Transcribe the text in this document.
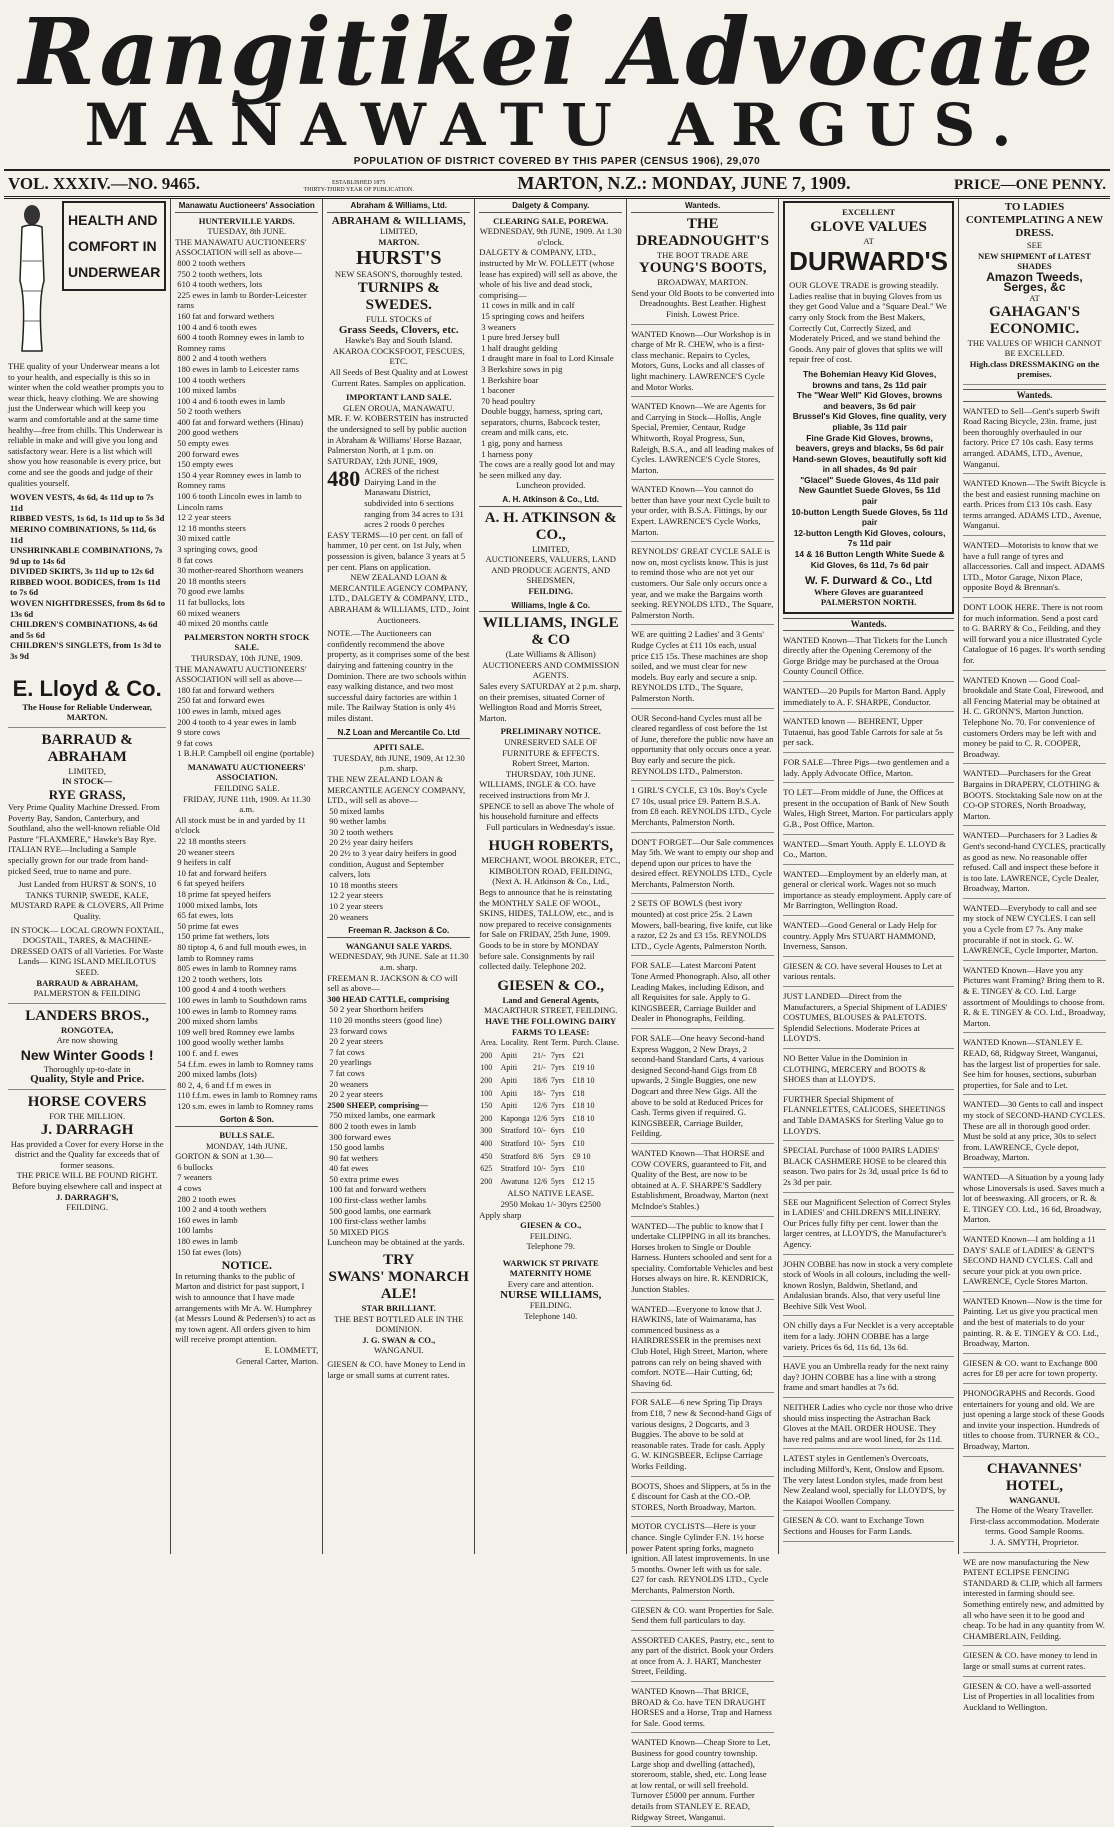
Rangitikei Advocate
MANAWATU ARGUS.
POPULATION OF DISTRICT COVERED BY THIS PAPER (CENSUS 1906), 29,070
VOL. XXXIV.—NO. 9465.	ESTABLISHED 1875
THIRTY-THIRD YEAR OF PUBLICATION.	MARTON, N.Z.: MONDAY, JUNE 7, 1909.	PRICE—ONE PENNY.
HEALTH AND COMFORT IN UNDERWEAR
THE quality of your Underwear means a lot to your health, and especially is this so in winter when the cold weather prompts you to wear thick, heavy clothing. We are showing just the Underwear which will keep you warm and comfortable and at the same time healthy—free from chills. This Underwear is reliable in make and will give you long and satisfactory wear. Here is a list which will show you how reasonable is every price, but come and see the goods and judge of their qualities yourself.
WOVEN VESTS, 4s 6d, 4s 11d up to 7s 11d
RIBBED VESTS, 1s 6d, 1s 11d up to 5s 3d
MERINO COMBINATIONS, 5s 11d, 6s 11d
UNSHRINKABLE COMBINATIONS, 7s 9d up to 14s 6d
DIVIDED SKIRTS, 3s 11d up to 12s 6d
RIBBED WOOL BODICES, from 1s 11d to 7s 6d
WOVEN NIGHTDRESSES, from 8s 6d to 13s 6d
CHILDREN'S COMBINATIONS, 4s 6d and 5s 6d
CHILDREN'S SINGLETS, from 1s 3d to 3s 9d
E. Lloyd & Co.
The House for Reliable Underwear,
MARTON.
BARRAUD & ABRAHAM
LIMITED,
IN STOCK—
RYE GRASS,
Very Prime Quality Machine Dressed. From Poverty Bay, Sandon, Canterbury, and Southland, also the well-known reliable Old Pasture "FLAXMERE," Hawke's Bay Rye. ITALIAN RYE—Including a Sample specially grown for our trade from hand-picked Seed, true to name and pure.
Just Landed from HURST & SON'S, 10 TANKS TURNIP, SWEDE, KALE, MUSTARD RAPE & CLOVERS, All Prime Quality.
IN STOCK— LOCAL GROWN FOXTAIL, DOGSTAIL, TARES, & MACHINE-DRESSED OATS of all Varieties. For Waste Lands— KING ISLAND MELILOTUS SEED.
BARRAUD & ABRAHAM,
PALMERSTON & FEILDING
LANDERS BROS.,
RONGOTEA,
Are now showing
New Winter Goods !
Thoroughly up-to-date in
Quality, Style and Price.
HORSE COVERS
FOR THE MILLION.
J. DARRAGH
Has provided a Cover for every Horse in the district and the Quality far exceeds that of former seasons.
THE PRICE WILL BE FOUND RIGHT.
Before buying elsewhere call and inspect at
J. DARRAGH'S,
FEILDING.
Manawatu Auctioneers' Association
HUNTERVILLE YARDS.
TUESDAY, 8th JUNE.
THE MANAWATU AUCTIONEERS' ASSOCIATION will sell as above—
800 2 tooth wethers
750 2 tooth wethers, lots
610 4 tooth wethers, lots
225 ewes in lamb to Border-Leicester rams
160 fat and forward wethers
100 4 and 6 tooth ewes
600 4 tooth Romney ewes in lamb to Romney rams
800 2 and 4 tooth wethers
180 ewes in lamb to Leicester rams
100 4 tooth wethers
100 mixed lambs
100 4 and 6 tooth ewes in lamb
50 2 tooth wethers
400 fat and forward wethers (Hinau)
200 good wethers
50 empty ewes
200 forward ewes
150 empty ewes
150 4 year Romney ewes in lamb to Romney rams
100 6 tooth Lincoln ewes in lamb to Lincoln rams
12 2 year steers
12 18 months steers
30 mixed cattle
3 springing cows, good
8 fat cows
30 mother-reared Shorthorn weaners
20 18 months steers
70 good ewe lambs
11 fat bullocks, lots
60 mixed weaners
40 mixed 20 months cattle
PALMERSTON NORTH STOCK SALE.
THURSDAY, 10th JUNE, 1909.
THE MANAWATU AUCTIONEERS' ASSOCIATION will sell as above—
180 fat and forward wethers
250 fat and forward ewes
100 ewes in lamb, mixed ages
200 4 tooth to 4 year ewes in lamb
9 store cows
9 fat cows
1 B.H.P. Campbell oil engine (portable)
MANAWATU AUCTIONEERS' ASSOCIATION.
FEILDING SALE.
FRIDAY, JUNE 11th, 1909. At 11.30 a.m.
All stock must be in and yarded by 11 o'clock
22 18 months steers
20 weaner steers
9 heifers in calf
10 fat and forward heifers
6 fat speyed heifers
18 prime fat speyed heifers
1000 mixed lambs, lots
65 fat ewes, lots
50 prime fat ewes
150 prime fat wethers, lots
80 tiptop 4, 6 and full mouth ewes, in lamb to Romney rams
805 ewes in lamb to Romney rams
120 2 tooth wethers, lots
100 good 4 and 4 tooth wethers
100 ewes in lamb to Southdown rams
100 ewes in lamb to Romney rams
200 mixed shorn lambs
109 well bred Romney ewe lambs
100 good woolly wether lambs
100 f. and f. ewes
54 f.f.m. ewes in lamb to Romney rams
200 mixed lambs (lots)
80 2, 4, 6 and f.f m ewes in
110 f.f.m. ewes in lamb to Romney rams
120 s.m. ewes in lamb to Romney rams
Gorton & Son.
BULLS SALE.
MONDAY, 14th JUNE.
GORTON & SON at 1.30—
6 bullocks
7 weaners
4 cows
280 2 tooth ewes
100 2 and 4 tooth wethers
160 ewes in lamb
100 lambs
180 ewes in lamb
150 fat ewes (lots)
NOTICE.
In returning thanks to the public of Marton and district for past support, I wish to announce that I have made arrangements with Mr A. W. Humphrey (at Messrs Lound & Pedersen's) to act as my town agent. All orders given to him will receive prompt attention.
E. LOMMETT,
General Carter, Marton.
Abraham & Williams, Ltd.
ABRAHAM & WILLIAMS,
LIMITED,
MARTON.
HURST'S
NEW SEASON'S, thoroughly tested.
TURNIPS & SWEDES.
FULL STOCKS of
Grass Seeds, Clovers, etc.
Hawke's Bay and South Island. AKAROA COCKSFOOT, FESCUES, ETC.
All Seeds of Best Quality and at Lowest Current Rates. Samples on application.
IMPORTANT LAND SALE.
GLEN OROUA, MANAWATU.
MR. F. W. KOBERSTEIN has instructed the undersigned to sell by public auction in Abraham & Williams' Horse Bazaar, Palmerston North, at 1 p.m. on SATURDAY, 12th JUNE, 1909,
480 ACRES of the richest Dairying Land in the Manawatu District, subdivided into 6 sections ranging from 34 acres to 131 acres 2 roods 0 perches
EASY TERMS—10 per cent. on fall of hammer, 10 per cent. on 1st July, when possession is given, balance 3 years at 5 per cent. Plans on application.
NEW ZEALAND LOAN & MERCANTILE AGENCY COMPANY, LTD., DALGETY & COMPANY, LTD., ABRAHAM & WILLIAMS, LTD., Joint Auctioneers.
NOTE.—The Auctioneers can confidently recommend the above property, as it comprises some of the best dairying and fattening country in the Dominion. There are two schools within easy walking distance, and two most successful dairy factories are within 1 mile. The Railway Station is only 4½ miles distant.
N.Z Loan and Mercantile Co. Ltd
APITI SALE.
TUESDAY, 8th JUNE, 1909, At 12.30 p.m. sharp.
THE NEW ZEALAND LOAN & MERCANTILE AGENCY COMPANY, LTD., will sell as above—
50 mixed lambs
90 wether lambs
30 2 tooth wethers
20 2½ year dairy heifers
20 2½ to 3 year dairy heifers in good condition, August and September calvers, lots
10 18 months steers
12 2 year steers
10 2 year steers
20 weaners
Freeman R. Jackson & Co.
WANGANUI SALE YARDS.
WEDNESDAY, 9th JUNE. Sale at 11.30 a.m. sharp.
FREEMAN R. JACKSON & CO will sell as above—
300 HEAD CATTLE, comprising
50 2 year Shorthorn heifers
110 20 months steers (good line)
23 forward cows
20 2 year steers
7 fat cows
20 yearlings
7 fat cows
20 weaners
20 2 year steers
2500 SHEEP, comprising—
750 mixed lambs, one earmark
800 2 tooth ewes in lamb
300 forward ewes
150 good lambs
90 fat wethers
40 fat ewes
50 extra prime ewes
100 fat and forward wethers
100 first-class wether lambs
500 good lambs, one earmark
100 first-class wether lambs
50 MIXED PIGS
Luncheon may be obtained at the yards.
TRY
SWANS' MONARCH ALE!
STAR BRILLIANT.
THE BEST BOTTLED ALE IN THE DOMINION.
J. G. SWAN & CO.,
WANGANUI.
GIESEN & CO. have Money to Lend in large or small sums at current rates.
Dalgety & Company.
CLEARING SALE, POREWA.
WEDNESDAY, 9th JUNE, 1909. At 1.30 o'clock.
DALGETY & COMPANY, LTD., instructed by Mr W. FOLLETT (whose lease has expired) will sell as above, the whole of his live and dead stock, comprising—
11 cows in milk and in calf
15 springing cows and heifers
3 weaners
1 pure bred Jersey bull
1 half draught gelding
1 draught mare in foal to Lord Kinsale
3 Berkshire sows in pig
1 Berkshire boar
1 baconer
70 head poultry
Double buggy, harness, spring cart, separators, churns, Babcock tester, cream and milk cans, etc.
1 gig, pony and harness
1 harness pony
The cows are a really good lot and may be seen milked any day.
Luncheon provided.
A. H. Atkinson & Co., Ltd.
A. H. ATKINSON & CO.,
LIMITED,
AUCTIONEERS, VALUERS, LAND AND PRODUCE AGENTS, AND SHEDSMEN,
FEILDING.
Williams, Ingle & Co.
WILLIAMS, INGLE & CO
(Late Williams & Allison)
AUCTIONEERS AND COMMISSION AGENTS.
Sales every SATURDAY at 2 p.m. sharp, on their premises, situated Corner of Wellington Road and Morris Street, Marton.
PRELIMINARY NOTICE.
UNRESERVED SALE OF FURNITURE & EFFECTS.
Robert Street, Marton.
THURSDAY, 10th JUNE.
WILLIAMS, INGLE & CO. have received instructions from Mr J. SPENCE to sell as above The whole of his household furniture and effects
Full particulars in Wednesday's issue.
HUGH ROBERTS,
MERCHANT, WOOL BROKER, ETC.,
KIMBOLTON ROAD, FEILDING,
(Next A. H. Atkinson & Co., Ltd.,
Begs to announce that he is reinstating the MONTHLY SALE OF WOOL, SKINS, HIDES, TALLOW, etc., and is now prepared to receive consignments for Sale on FRIDAY, 25th June, 1909. Goods to be in store by MONDAY before sale. Consignments by rail collected daily. Telephone 202.
GIESEN & CO.,
Land and General Agents,
MACARTHUR STREET, FEILDING.
HAVE THE FOLLOWING DAIRY FARMS TO LEASE:
Area.	Locality.	Rent	Term.	Purch. Clause.
200	Apiti	21/-	7yrs	£21
100	Apiti	21/-	7yrs	£19 10
200	Apiti	18/6	7yrs	£18 10
100	Apiti	18/-	7yrs	£18
150	Apiti	12/6	7yrs	£18 10
200	Kaponga	12/6	5yrs	£18 10
300	Stratford	10/-	6yrs	£10
400	Stratford	10/-	5yrs	£10
450	Stratford	8/6	5yrs	£9 10
625	Stratford	10/-	5yrs	£10
200	Awatuna	12/6	5yrs	£12 15
ALSO NATIVE LEASE.
2950 Mokau 1/- 30yrs £2500
Apply sharp
GIESEN & CO.,
FEILDING.
Telephone 79.
WARWICK ST PRIVATE MATERNITY HOME
Every care and attention.
NURSE WILLIAMS,
FEILDING.
Telephone 140.
Wanteds.
THE DREADNOUGHT'S
THE BOOT TRADE ARE
YOUNG'S BOOTS,
BROADWAY, MARTON.
Send your Old Boots to be converted into Dreadnoughts. Best Leather. Highest Finish. Lowest Price.
WANTED Known—Our Workshop is in charge of Mr R. CHEW, who is a first-class mechanic. Repairs to Cycles, Motors, Guns, Locks and all classes of light machinery. LAWRENCE'S Cycle and Motor Works.
WANTED Known—We are Agents for and Carrying in Stock—Hollis, Angle Special, Premier, Centaur, Rudge Whitworth, Royal Progress, Sun, Raleigh, B.S.A., and all leading makes of Cycles. LAWRENCE'S Cycle Stores, Marton.
WANTED Known—You cannot do better than have your next Cycle built to your order, with B.S.A. Fittings, by our Expert. LAWRENCE'S Cycle Works, Marton.
REYNOLDS' GREAT CYCLE SALE is now on, most cyclists know. This is just to remind those who are not yet our customers. Our Sale only occurs once a year, and we make the Bargains worth seeking. REYNOLDS LTD., The Square, Palmerston North.
WE are quitting 2 Ladies' and 3 Gents' Rudge Cycles at £11 10s each, usual price £15 15s. These machines are shop soiled, and we must clear for new models. Buy early and secure a snip. REYNOLDS LTD., The Square, Palmerston North.
OUR Second-hand Cycles must all be cleared regardless of cost before the 1st of June, therefore the public now have an opportunity that only occurs once a year. Buy early and secure the pick. REYNOLDS LTD., Palmerston.
1 GIRL'S CYCLE, £3 10s. Boy's Cycle £7 10s, usual price £9. Pattern B.S.A. from £8 each. REYNOLDS LTD., Cycle Merchants, Palmerston North.
DON'T FORGET—Our Sale commences May 5th. We want to empty our shop and depend upon our prices to have the desired effect. REYNOLDS LTD., Cycle Merchants, Palmerston North.
2 SETS OF BOWLS (best ivory mounted) at cost price 25s. 2 Lawn Mowers, ball-bearing, five knife, cut like a razor, £2 2s and £3 15s. REYNOLDS LTD., Cycle Agents, Palmerston North.
FOR SALE—Latest Marconi Patent Tone Armed Phonograph. Also, all other Leading Makes, including Edison, and all Requisites for sale. Apply to G. KINGSBEER, Carriage Builder and Dealer in Phonographs, Feilding.
FOR SALE—One heavy Second-hand Express Waggon, 2 New Drays, 2 second-hand Standard Carts, 4 various designed Second-hand Gigs from £8 upwards, 2 Single Buggies, one new Dogcart and three New Gigs. All the above to be sold at Reduced Prices for Cash. Terms given if required. G. KINGSBEER, Carriage Builder, Feilding.
WANTED Known—That HORSE and COW COVERS, guaranteed to Fit, and Quality of the Best, are now to be obtained at A. F. SHARPE'S Saddlery Establishment, Broadway, Marton (next McIndoe's Stables.)
WANTED—The public to know that I undertake CLIPPING in all its branches. Horses broken to Single or Double Harness. Hunters schooled and sent for a speciality. Comfortable Vehicles and best Horses always on hire. R. KENDRICK, Junction Stables.
WANTED—Everyone to know that J. HAWKINS, late of Waimarama, has commenced business as a HAIRDRESSER in the premises next Club Hotel, High Street, Marton, where patrons can rely on being shaved with comfort. NOTE—Hair Cutting, 6d; Shaving 6d.
FOR SALE—6 new Spring Tip Drays from £18, 7 new & Second-hand Gigs of various designs, 2 Dogcarts, and 3 Buggies. The above to be sold at reasonable rates. Trade for cash. Apply G. W. KINGSBEER, Eclipse Carriage Works Feilding.
BOOTS, Shoes and Slippers, at 5s in the £ discount for Cash at the CO.-OP. STORES, North Broadway, Marton.
MOTOR CYCLISTS—Here is your chance. Single Cylinder F.N. 1½ horse power Patent spring forks, magneto ignition. All latest improvements. In use 5 months. Owner left with us for sale. £27 for cash. REYNOLDS LTD., Cycle Merchants, Palmerston North.
GIESEN & CO. want Properties for Sale. Send them full particulars to day.
ASSORTED CAKES, Pastry, etc., sent to any part of the district. Book your Orders at once from A. J. HART, Manchester Street, Feilding.
WANTED Known—That BRICE, BROAD & Co. have TEN DRAUGHT HORSES and a Horse, Trap and Harness for Sale. Good terms.
WANTED Known—Cheap Store to Let, Business for good country township. Large shop and dwelling (attached), storeroom, stable, shed, etc. Long lease at low rental, or will sell freehold. Turnover £5000 per annum. Further details from STANLEY E. READ, Ridgway Street, Wanganui.
EXCELLENT
GLOVE VALUES
AT
DURWARD'S
OUR GLOVE TRADE is growing steadily. Ladies realise that in buying Gloves from us they get Good Value and a "Square Deal." We carry only Stock from the Best Makers, Correctly Cut, Correctly Sized, and Moderately Priced, and we stand behind the Goods. Any pair of gloves that splits we will repair free of cost.
The Bohemian Heavy Kid Gloves, browns and tans, 2s 11d pair
The "Wear Well" Kid Gloves, browns and beavers, 3s 6d pair
Brussel's Kid Gloves, fine quality, very pliable, 3s 11d pair
Fine Grade Kid Gloves, browns, beavers, greys and blacks, 5s 6d pair
Hand-sewn Gloves, beautifully soft kid in all shades, 4s 9d pair
"Glacel" Suede Gloves, 4s 11d pair
New Gauntlet Suede Gloves, 5s 11d pair
10-button Length Suede Gloves, 5s 11d pair
12-button Length Kid Gloves, colours, 7s 11d pair
14 & 16 Button Length White Suede & Kid Gloves, 6s 11d, 7s 6d pair
W. F. Durward & Co., Ltd
Where Gloves are guaranteed
PALMERSTON NORTH.
Wanteds.
WANTED Known—That Tickets for the Lunch directly after the Opening Ceremony of the Gorge Bridge may be purchased at the Oroua County Council Office.
WANTED—20 Pupils for Marton Band. Apply immediately to A. F. SHARPE, Conductor.
WANTED known — BEHRENT, Upper Tutaenui, has good Table Carrots for sale at 5s per sack.
FOR SALE—Three Pigs—two gentlemen and a lady. Apply Advocate Office, Marton.
TO LET—From middle of June, the Offices at present in the occupation of Bank of New South Wales, High Street, Marton. For particulars apply G.B., Post Office, Marton.
WANTED—Smart Youth. Apply E. LLOYD & Co., Marton.
WANTED—Employment by an elderly man, at general or clerical work. Wages not so much importance as steady employment. Apply care of Mr Barrington, Wellington Road.
WANTED—Good General or Lady Help for country. Apply Mrs STUART HAMMOND, Inverness, Sanson.
GIESEN & CO. have several Houses to Let at various rentals.
JUST LANDED—Direct from the Manufacturers, a Special Shipment of LADIES' COSTUMES, BLOUSES & PALETOTS. Splendid Selections. Moderate Prices at LLOYD'S.
NO Better Value in the Dominion in CLOTHING, MERCERY and BOOTS & SHOES than at LLOYD'S.
FURTHER Special Shipment of FLANNELETTES, CALICOES, SHEETINGS and Table DAMASKS for Sterling Value go to LLOYD'S.
SPECIAL Purchase of 1000 PAIRS LADIES' BLACK CASHMERE HOSE to be cleared this season. Two pairs for 2s 3d, usual price 1s 6d to 2s 3d per pair.
SEE our Magnificent Selection of Correct Styles in LADIES' and CHILDREN'S MILLINERY. Our Prices fully fifty per cent. lower than the larger centres, at LLOYD'S, the Manufacturer's Agency.
JOHN COBBE has now in stock a very complete stock of Wools in all colours, including the well-known Roslyn, Baldwin, Shetland, and Andalusian brands. Also, that very useful line Beehive Silk Vest Wool.
ON chilly days a Fur Necklet is a very acceptable item for a lady. JOHN COBBE has a large variety. Prices 6s 6d, 11s 6d, 13s 6d.
HAVE you an Umbrella ready for the next rainy day? JOHN COBBE has a line with a strong frame and smart handles at 7s 6d.
NEITHER Ladies who cycle nor those who drive should miss inspecting the Astrachan Back Gloves at the MAIL ORDER HOUSE. They have red palms and are wool lined, for 2s 11d.
LATEST styles in Gentlemen's Overcoats, including Milford's, Kent, Onslow and Epsom. The very latest London styles, made from best New Zealand wool, specially for LLOYD'S, by the Kaiapoi Woollen Company.
GIESEN & CO. want to Exchange Town Sections and Houses for Farm Lands.
TO LADIES CONTEMPLATING A NEW DRESS.
SEE
NEW SHIPMENT of LATEST SHADES
Amazon Tweeds, Serges, &c
AT
GAHAGAN'S ECONOMIC.
THE VALUES OF WHICH CANNOT BE EXCELLED.
High.class DRESSMAKING on the premises.
Wanteds.
WANTED to Sell—Gent's superb Swift Road Racing Bicycle, 23in. frame, just been thoroughly overhauled in our factory. Price £7 10s cash. Easy terms arranged. ADAMS, LTD., Avenue, Wanganui.
WANTED Known—The Swift Bicycle is the best and easiest running machine on earth. Prices from £13 10s cash. Easy terms arranged. ADAMS LTD., Avenue, Wanganui.
WANTED—Motorists to know that we have a full range of tyres and allaccessories. Call and inspect. ADAMS LTD., Motor Garage, Nixon Place, opposite Boyd & Brennan's.
DONT LOOK HERE. There is not room for much information. Send a post card to G. BARRY & Co., Feilding, and they will forward you a nice illustrated Cycle Catalogue of 16 pages. It's worth sending for.
WANTED Known — Good Coal-brookdale and State Coal, Firewood, and all Fencing Material may be obtained at H. C. GRONN'S, Marton Junction. Telephone No. 70. For convenience of customers Orders may be left with and money be paid to C. R. COOPER, Broadway.
WANTED—Purchasers for the Great Bargains in DRAPERY, CLOTHING & BOOTS. Stocktaking Sale now on at the CO-OP STORES, North Broadway, Marton.
WANTED—Purchasers for 3 Ladies & Gent's second-hand CYCLES, practically as good as new. No reasonable offer refused. Call and inspect these before it is too late. LAWRENCE, Cycle Dealer, Broadway, Marton.
WANTED—Everybody to call and see my stock of NEW CYCLES. I can sell you a Cycle from £7 7s. Any make procurable if not in stock. G. W. LAWRENCE, Cycle Importer, Marton.
WANTED Known—Have you any Pictures want Framing? Bring them to R. & E. TINGEY & CO. Ltd. Large assortment of Mouldings to choose from. R. & E. TINGEY & CO. Ltd., Broadway, Marton.
WANTED Known—STANLEY E. READ, 68, Ridgway Street, Wanganui, has the largest list of properties for sale. See him for houses, sections, suburban properties, for Sale and to Let.
WANTED—30 Gents to call and inspect my stock of SECOND-HAND CYCLES. These are all in thorough good order. Must be sold at any price, 30s to select from. LAWRENCE, Cycle depot, Broadway, Marton.
WANTED—A Situation by a young lady whose Linoversals is used. Saves much a lot of beeswaxing. All grocers, or R. & E. TINGEY CO. Ltd., 16 6d, Broadway, Marton.
WANTED Known—I am holding a 11 DAYS' SALE of LADIES' & GENT'S SECOND HAND CYCLES. Call and secure your pick at you own price. LAWRENCE, Cycle Stores Marton.
WANTED Known—Now is the time for Painting. Let us give you practical men and the best of materials to do your painting. R. & E. TINGEY & CO. Ltd., Broadway, Marton.
GIESEN & CO. want to Exchange 800 acres for £8 per acre for town property.
PHONOGRAPHS and Records. Good entertainers for young and old. We are just opening a large stock of these Goods and invite your inspection. Hundreds of titles to choose from. TURNER & CO., Broadway, Marton.
CHAVANNES' HOTEL,
WANGANUI.
The Home of the Weary Traveller.
First-class accommodation. Moderate terms. Good Sample Rooms.
J. A. SMYTH, Proprietor.
WE are now manufacturing the New PATENT ECLIPSE FENCING STANDARD & CLIP, which all farmers interested in farming should see. Something entirely new, and admitted by all who have seen it to be good and cheap. To be had in any quantity from W. CHAMBERLAIN, Feilding.
GIESEN & CO. have money to lend in large or small sums at current rates.
GIESEN & CO. have a well-assorted List of Properties in all localities from Auckland to Wellington.
